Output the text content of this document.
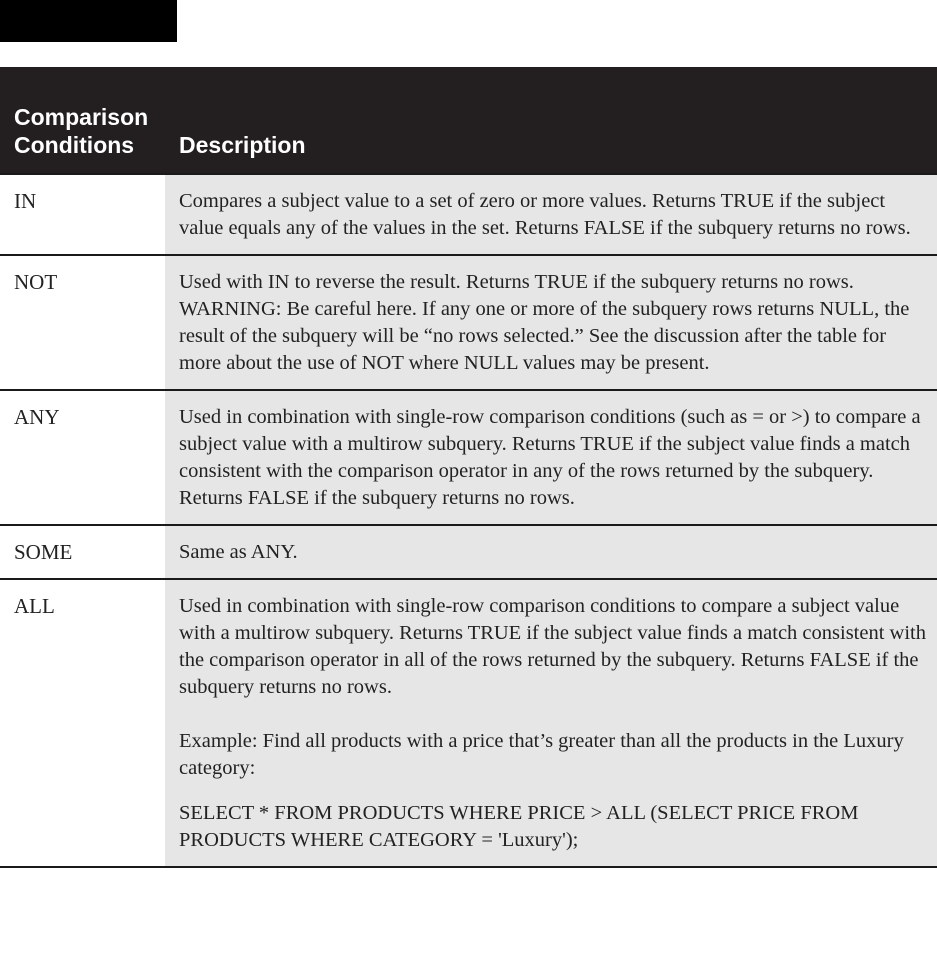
Comparison
Conditions	Description
IN	Compares a subject value to a set of zero or more values. Returns TRUE if the subject value equals any of the values in the set. Returns FALSE if the subquery returns no rows.

NOT	Used with IN to reverse the result. Returns TRUE if the subquery returns no rows. WARNING: Be careful here. If any one or more of the subquery rows returns NULL, the result of the subquery will be “no rows selected.” See the discussion after the table for more about the use of NOT where NULL values may be present.

ANY	Used in combination with single-row comparison conditions (such as = or >) to compare a subject value with a multirow subquery. Returns TRUE if the subject value finds a match consistent with the comparison operator in any of the rows returned by the subquery. Returns FALSE if the subquery returns no rows.

SOME	Same as ANY.

ALL	Used in combination with single-row comparison conditions to compare a subject value with a multirow subquery. Returns TRUE if the subject value finds a match consistent with the comparison operator in all of the rows returned by the subquery. Returns FALSE if the subquery returns no rows.

Example: Find all products with a price that’s greater than all the products in the Luxury category:

SELECT * FROM PRODUCTS WHERE PRICE > ALL (SELECT PRICE FROM PRODUCTS WHERE CATEGORY = 'Luxury');
